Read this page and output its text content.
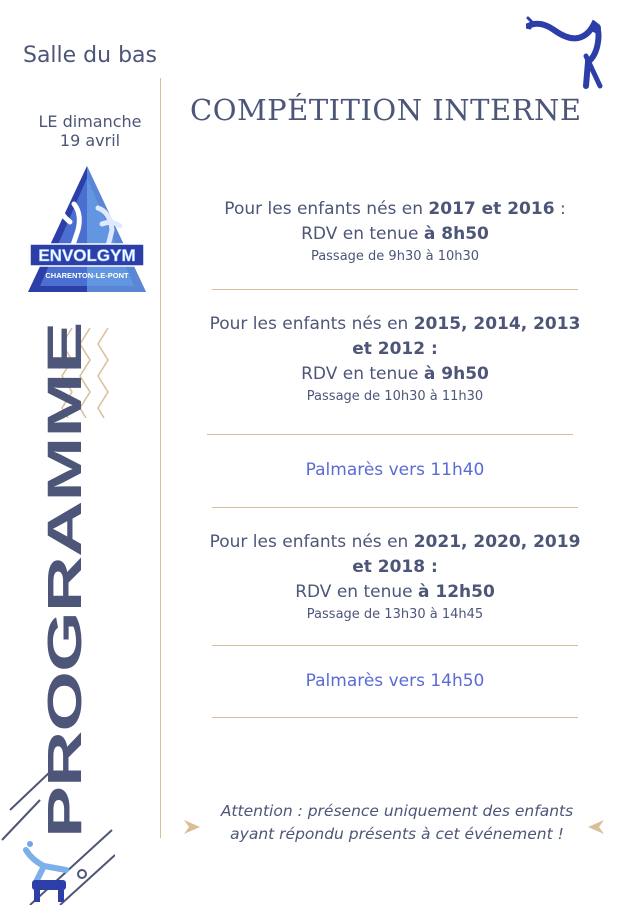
Salle du bas
LE dimanche
19 avril
ENVOLGYM
CHARENTON-LE-PONT
PROGRAMME
COMPÉTITION INTERNE
Pour les enfants nés en 2017 et 2016 :
RDV en tenue à 8h50
Passage de 9h30 à 10h30
Pour les enfants nés en 2015, 2014, 2013
et 2012 :
RDV en tenue à 9h50
Passage de 10h30 à 11h30
Palmarès vers 11h40
Pour les enfants nés en 2021, 2020, 2019
et 2018 :
RDV en tenue à 12h50
Passage de 13h30 à 14h45
Palmarès vers 14h50
Attention : présence uniquement des enfants ayant répondu présents à cet événement !
